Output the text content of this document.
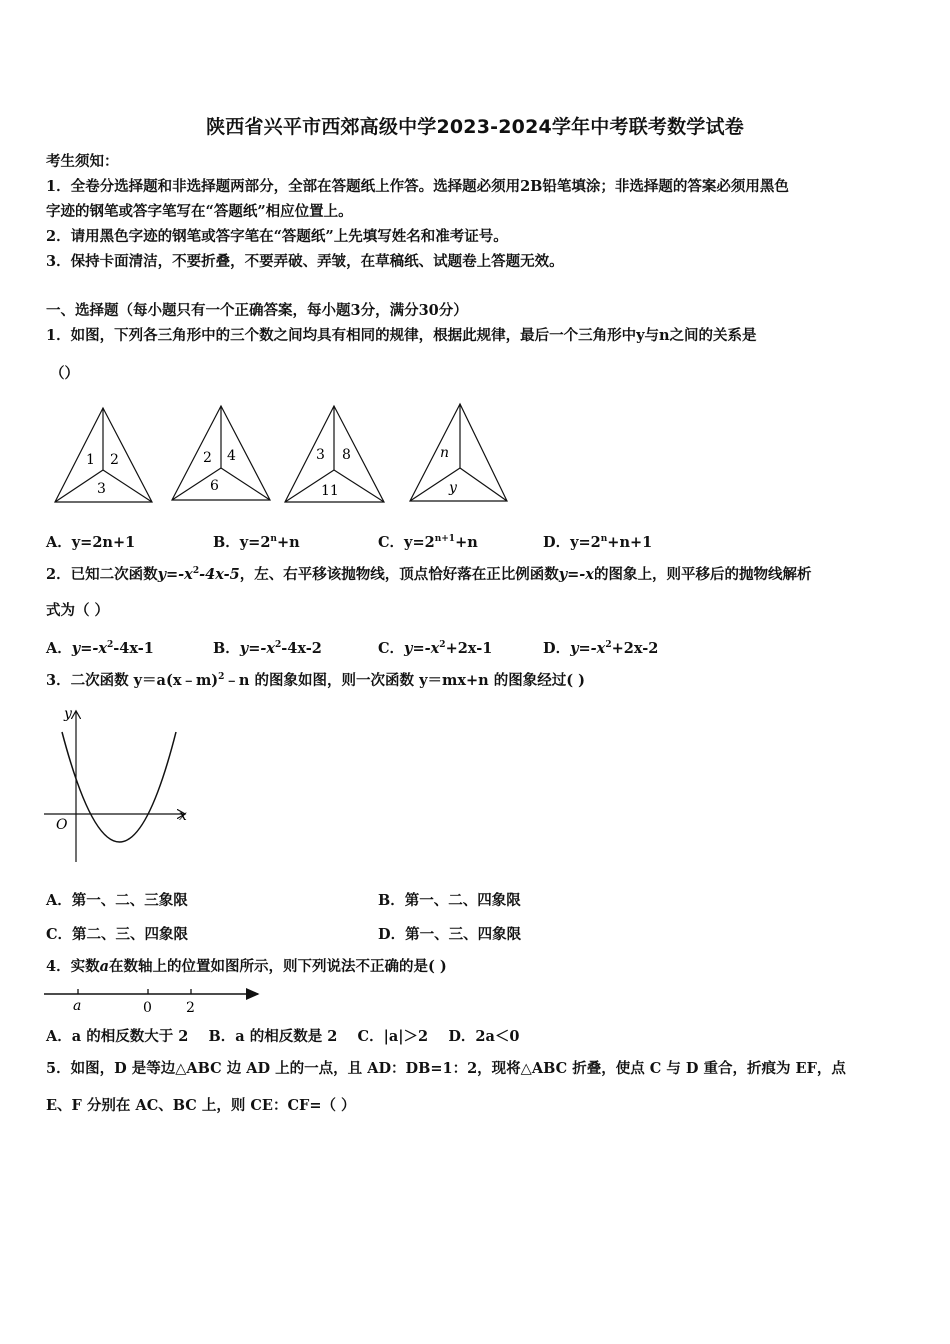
陕西省兴平市西郊高级中学2023-2024学年中考联考数学试卷
考生须知：
1．全卷分选择题和非选择题两部分，全部在答题纸上作答。选择题必须用2B铅笔填涂；非选择题的答案必须用黑色
字迹的钢笔或答字笔写在“答题纸”相应位置上。
2．请用黑色字迹的钢笔或答字笔在“答题纸”上先填写姓名和准考证号。
3．保持卡面清洁，不要折叠，不要弄破、弄皱，在草稿纸、试题卷上答题无效。
一、选择题（每小题只有一个正确答案，每小题3分，满分30分）
1．如图，下列各三角形中的三个数之间均具有相同的规律，根据此规律，最后一个三角形中y与n之间的关系是
（）
1 2
3
2 4
6
3 8
11
n
y
A．y=2n+1	B．$y=2^n+n$	C．$y=2^{n+1}+n$	D．$y=2^n+n+1$
2．已知二次函数$y=-x^2-4x-5$，左、右平移该抛物线，顶点恰好落在正比例函数y=-x的图象上，则平移后的抛物线解析
式为（ ）
A．$y=-x^2-4x-1$	B．$y=-x^2-4x-2$	C．$y=-x^2+2x-1$	D．$y=-x^2+2x-2$
3．二次函数 y＝a(x﹣m)$^2$﹣n 的图象如图，则一次函数 y＝mx+n 的图象经过( )
y
x
O
A．第一、二、三象限	B．第一、二、四象限
C．第二、三、四象限	D．第一、三、四象限
4．实数a在数轴上的位置如图所示，则下列说法不正确的是( )
a	0 2
A．a 的相反数大于 2    B．a 的相反数是 2    C．|a|＞2    D．2a＜0
5．如图，D 是等边△ABC 边 AD 上的一点，且 AD：DB=1：2，现将△ABC 折叠，使点 C 与 D 重合，折痕为 EF，点
E、F 分别在 AC、BC 上，则 CE：CF=（ ）
